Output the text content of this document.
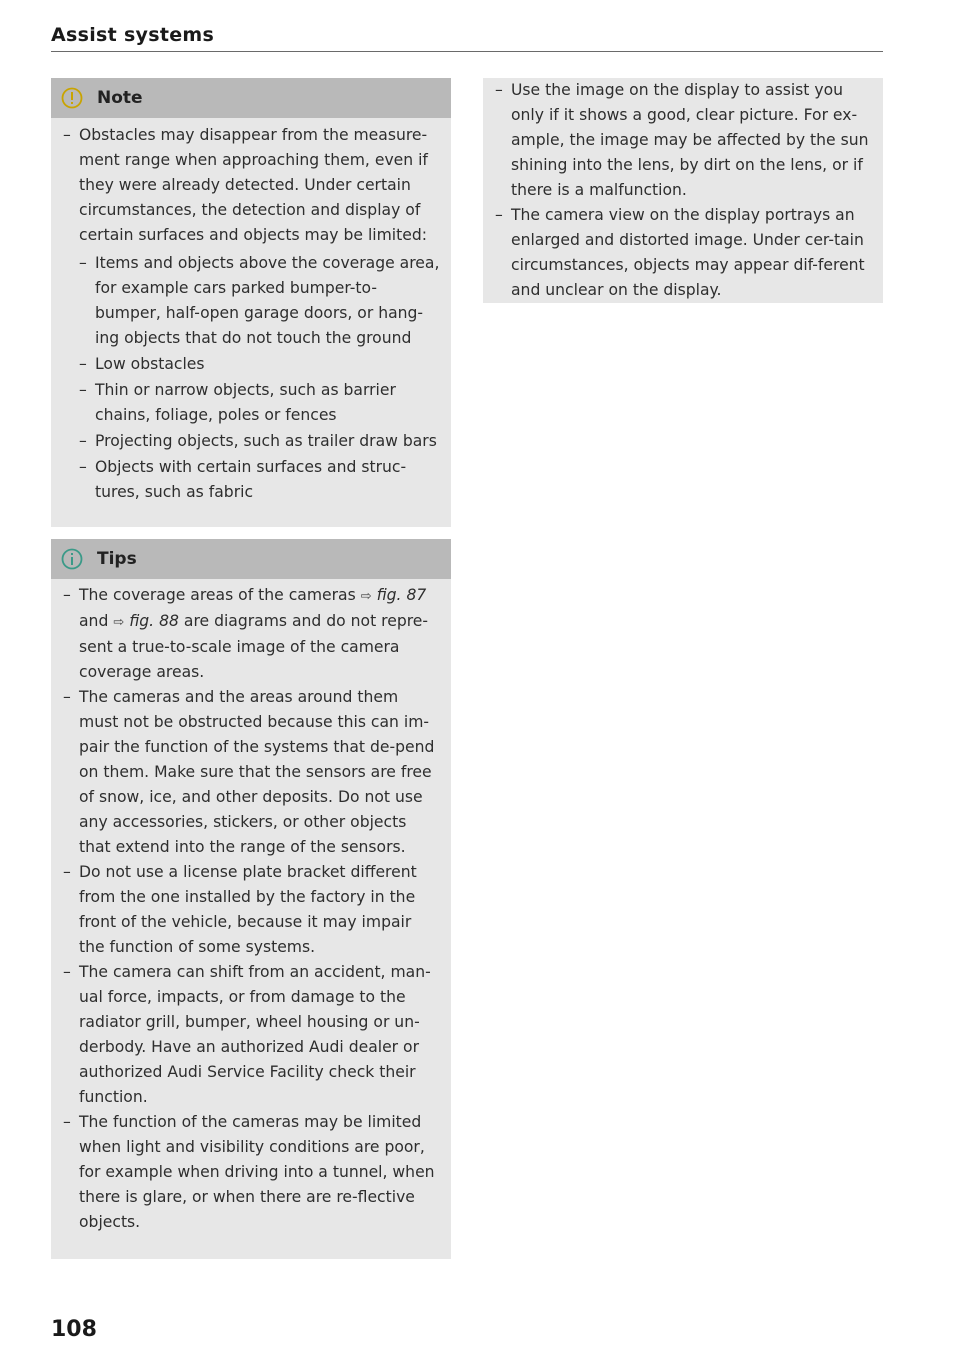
Assist systems
Note
– Obstacles may disappear from the measure-ment range when approaching them, even if they were already detected. Under certain circumstances, the detection and display of certain surfaces and objects may be limited:
– Items and objects above the coverage area, for example cars parked bumper-to-bumper, half-open garage doors, or hang-ing objects that do not touch the ground
– Low obstacles
– Thin or narrow objects, such as barrier chains, foliage, poles or fences
– Projecting objects, such as trailer draw bars
– Objects with certain surfaces and struc-tures, such as fabric
Tips
– The coverage areas of the cameras ⇨ fig. 87 and ⇨ fig. 88 are diagrams and do not repre-sent a true-to-scale image of the camera coverage areas.
– The cameras and the areas around them must not be obstructed because this can im-pair the function of the systems that de-pend on them. Make sure that the sensors are free of snow, ice, and other deposits. Do not use any accessories, stickers, or other objects that extend into the range of the sensors.
– Do not use a license plate bracket different from the one installed by the factory in the front of the vehicle, because it may impair the function of some systems.
– The camera can shift from an accident, man-ual force, impacts, or from damage to the radiator grill, bumper, wheel housing or un-derbody. Have an authorized Audi dealer or authorized Audi Service Facility check their function.
– The function of the cameras may be limited when light and visibility conditions are poor, for example when driving into a tunnel, when there is glare, or when there are re-flective objects.
– Use the image on the display to assist you only if it shows a good, clear picture. For ex-ample, the image may be affected by the sun shining into the lens, by dirt on the lens, or if there is a malfunction.
– The camera view on the display portrays an enlarged and distorted image. Under cer-tain circumstances, objects may appear dif-ferent and unclear on the display.
108
